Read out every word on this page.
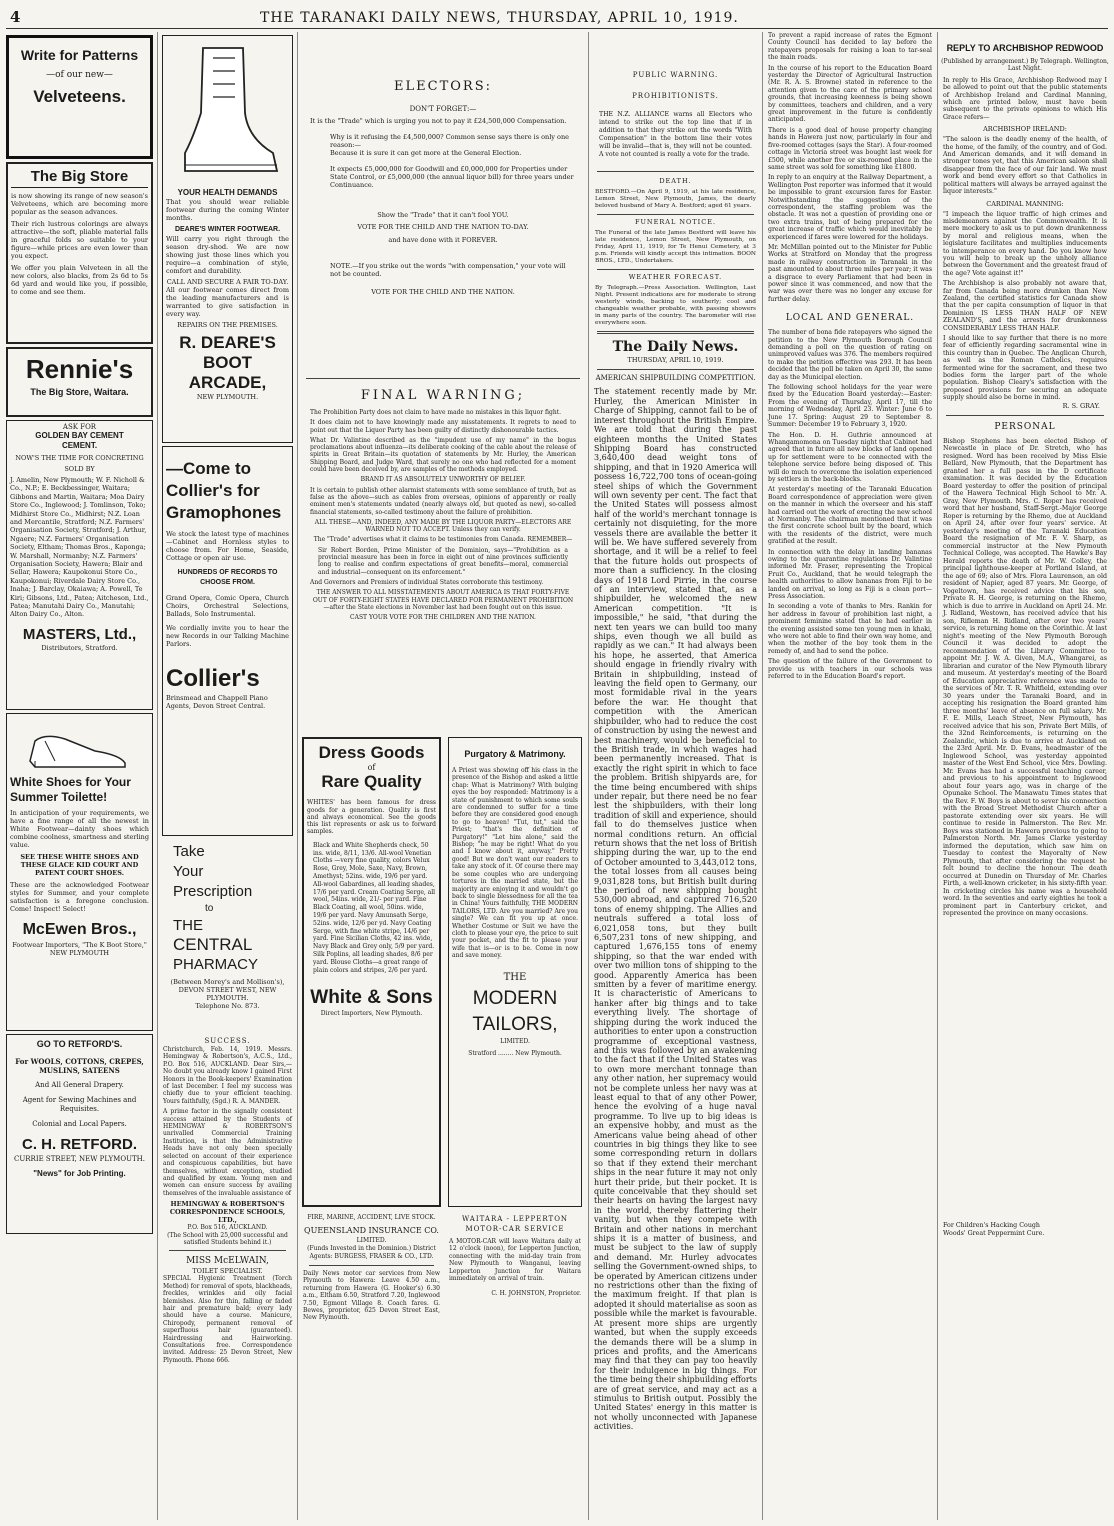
4	THE TARANAKI DAILY NEWS, THURSDAY, APRIL 10, 1919.
Write for Patterns
—of our new—
Velveteens.
The Big Store
is now showing its range of new season's Velveteens, which are becoming more popular as the season advances.
Their rich lustrous colorings are always attractive—the soft, pliable material falls in graceful folds so suitable to your figure—while prices are even lower than you expect.
We offer you plain Velveteen in all the new colors, also blacks, from 2s 6d to 5s 6d yard and would like you, if possible, to come and see them.
Rennie's
The Big Store, Waitara.
ASK FOR
GOLDEN BAY CEMENT
CEMENT.
NOW'S THE TIME FOR CONCRETING
SOLD BY
J. Amelin, New Plymouth; W. F. Nicholl & Co., N.P.; E. Beckbessinger, Waitara; Gibbons and Martin, Waitara; Moa Dairy Store Co., Inglewood; J. Tomlinson, Toko; Midhirst Store Co., Midhirst; N.Z. Loan and Mercantile, Stratford; N.Z. Farmers' Organisation Society, Stratford; J. Arthur, Ngaere; N.Z. Farmers' Organisation Society, Eltham; Thomas Bros., Kaponga; W. Marshall, Normanby; N.Z. Farmers' Organisation Society, Hawera; Blair and Sellar, Hawera; Kaupokonui Store Co., Kaupokonui; Riverdale Dairy Store Co., Inaha; J. Barclay, Okaiawa; A. Powell, Te Kiri; Gibsons, Ltd., Patea; Aitcheson, Ltd., Patea; Manutahi Dairy Co., Manutahi; Alton Dairy Co., Alton.
MASTERS, Ltd.,
Distributors, Stratford.
White Shoes for Your Summer Toilette!
In anticipation of your requirements, we have a fine range of all the newest in White Footwear—dainty shoes which combine coolness, smartness and sterling value.
SEE THESE WHITE SHOES AND THESE GLACE KID COURT AND PATENT COURT SHOES.
These are the acknowledged Footwear styles for Summer, and your complete satisfaction is a foregone conclusion. Come! Inspect! Select!
McEwen Bros.,
Footwear Importers, "The K Boot Store," NEW PLYMOUTH
GO TO RETFORD'S.
For WOOLS, COTTONS, CREPES, MUSLINS, SATEENS
And All General Drapery.
Agent for Sewing Machines and Requisites.
Colonial and Local Papers.
C. H. RETFORD.
CURRIE STREET, NEW PLYMOUTH.
"News" for Job Printing.
YOUR HEALTH DEMANDS
That you should wear reliable footwear during the coming Winter months.
DEARE'S WINTER FOOTWEAR.
Will carry you right through the season dry-shod. We are now showing just those lines which you require—a combination of style, comfort and durability.
CALL AND SECURE A FAIR TO-DAY.
All our footwear comes direct from the leading manufacturers and is warranted to give satisfaction in every way.
REPAIRS ON THE PREMISES.
R. DEARE'S BOOT ARCADE,
NEW PLYMOUTH.
—Come to
Collier's for
Gramophones
We stock the latest type of machines—Cabinet and Hornless styles to choose from. For Home, Seaside, Cottage or open air use.
HUNDREDS OF RECORDS TO CHOOSE FROM.
Grand Opera, Comic Opera, Church Choirs, Orchestral Selections, Ballads, Solo Instrumental.
We cordially invite you to hear the new Records in our Talking Machine Parlors.
Collier's
Brinsmead and Chappell Piano Agents, Devon Street Central.
Take
Your
Prescription
to
THE
CENTRAL
PHARMACY
(Between Morey's and Mollison's), DEVON STREET WEST, NEW PLYMOUTH.
Telephone No. 873.
SUCCESS.
Christchurch, Feb. 14, 1919. Messrs. Hemingway & Robertson's, A.C.S., Ltd., P.O. Box 516, AUCKLAND. Dear Sirs,— No doubt you already know I gained First Honors in the Book-keepers' Examination of last December. I feel my success was chiefly due to your efficient teaching. Yours faithfully, (Sgd.) R. A. MANDER.
A prime factor in the signally consistent success attained by the Students of HEMINGWAY & ROBERTSON'S unrivalled Commercial Training Institution, is that the Administrative Heads have not only been specially selected on account of their experience and conspicuous capabilities, but have themselves, without exception, studied and qualified by exam. Young men and women can ensure success by availing themselves of the invaluable assistance of
HEMINGWAY & ROBERTSON'S CORRESPONDENCE SCHOOLS, LTD.,
P.O. Box 516, AUCKLAND.
(The School with 25,000 successful and satisfied Students behind it.)
MISS McELWAIN,
TOILET SPECIALIST.
SPECIAL Hygienic Treatment (Torch Method) for removal of spots, blackheads, freckles, wrinkles and oily facial blemishes. Also for thin, falling or faded hair and premature bald; every lady should have a course. Manicure, Chiropody, permanent removal of superfluous hair (guaranteed). Hairdressing and Hairworking. Consultations free. Correspondence invited. Address: 25 Devon Street, New Plymouth. Phone 666.
ELECTORS:
DON'T FORGET:—
It is the "Trade" which is urging you not to pay it £24,500,000 Compensation.
Why is it refusing the £4,500,000? Common sense says there is only one reason:—
Because it is sure it can get more at the General Election.
It expects £5,000,000 for Goodwill and £0,000,000 for Properties under State Control, or £5,000,000 (the annual liquor bill) for three years under Continuance.
Show the "Trade" that it can't fool YOU.
VOTE FOR THE CHILD AND THE NATION TO-DAY.
and have done with it FOREVER.
NOTE.—If you strike out the words "with compensation," your vote will not be counted.
VOTE FOR THE CHILD AND THE NATION.
FINAL WARNING;
The Prohibition Party does not claim to have made no mistakes in this liquor fight.
It does claim not to have knowingly made any misstatements. It regrets to need to point out that the Liquor Party has been guilty of distinctly dishonourable tactics.
What Dr. Valintine described as the "impudent use of my name" in the bogus proclamations about influenza—its deliberate cooking of the cable about the release of spirits in Great Britain—its quotation of statements by Mr. Hurley, the American Shipping Board, and Judge Ward, that surely no one who had reflected for a moment could have been deceived by, are samples of the methods employed.
BRAND IT AS ABSOLUTELY UNWORTHY OF BELIEF.
It is certain to publish other alarmist statements with some semblance of truth, but as false as the above—such as cables from overseas, opinions of apparently or really eminent men's statements undated (nearly always old, but quoted as new), so-called financial statements, so-called testimony about the failure of prohibition.
ALL THESE—AND, INDEED, ANY MADE BY THE LIQUOR PARTY—ELECTORS ARE WARNED NOT TO ACCEPT. Unless they can verify.
The "Trade" advertises what it claims to be testimonies from Canada. REMEMBER—
Sir Robert Borden, Prime Minister of the Dominion, says—"Prohibition as a provincial measure has been in force in eight out of nine provinces sufficiently long to realise and confirm expectations of great benefits—moral, commercial and industrial—consequent on its enforcement."
And Governors and Premiers of individual States corroborate this testimony.
THE ANSWER TO ALL MISSTATEMENTS ABOUT AMERICA IS THAT FORTY-FIVE OUT OF FORTY-EIGHT STATES HAVE DECLARED FOR PERMANENT PROHIBITION—after the State elections in November last had been fought out on this issue.
CAST YOUR VOTE FOR THE CHILDREN AND THE NATION.
Dress Goods
of
Rare Quality
WHITES' has been famous for dress goods for a generation. Quality is first and always economical. See the goods this list represents or ask us to forward samples.
Black and White Shepherds check, 50 ins. wide, 8/11, 13/6. All-wool Venetian Cloths —very fine quality, colors Velux Rose, Grey, Mole, Saxe, Navy, Brown, Amethyst; 52ins. wide, 19/6 per yard. All-wool Gabardines, all leading shades, 17/6 per yard. Cream Coating Serge, all wool, 54ins. wide, 21/- per yard. Fine Black Coating, all wool, 50ins. wide, 19/6 per yard. Navy Amunsath Serge, 52ins. wide, 12/6 per yd. Navy Coating Serge, with fine white stripe, 14/6 per yard. Fine Sicilian Cloths, 42 ins. wide, Navy Black and Grey only, 5/9 per yard. Silk Poplins, all leading shades, 8/6 per yard. Blouse Cloths—a great range of plain colors and stripes, 2/6 per yard.
White & Sons
Direct Importers, New Plymouth.
Purgatory & Matrimony.
A Priest was showing off his class in the presence of the Bishop and asked a little chap: What is Matrimony? With bulging eyes the boy responded: Matrimony is a state of punishment to which some souls are condemned to suffer for a time before they are considered good enough to go to heaven! "Tut, tut," said the Priest; "that's the definition of Purgatory!" "Let him alone," said the Bishop; "he may be right! What do you and I know about it, anyway." Pretty good! But we don't want our readers to take any stock of it. Of course there may be some couples who are undergoing tortures in the married state, but the majority are enjoying it and wouldn't go back to single blessedness for all the tea in China! Yours faithfully, THE MODERN TAILORS, LTD. Are you married? Are you single? We can fit you up at once. Whether Costume or Suit we have the cloth to please your eye, the price to suit your pocket, and the fit to please your wife that is—or is to be. Come in now and save money.
THE
MODERN
TAILORS,
LIMITED.
Stratford ........ New Plymouth.
FIRE, MARINE, ACCIDENT, LIVE STOCK.
QUEENSLAND INSURANCE CO.
LIMITED.
(Funds Invested in the Dominion.) District Agents: BURGESS, FRASER & CO., LTD.
Daily News motor car services from New Plymouth to Hawera: Leave 4.50 a.m., returning from Hawera (G. Hooker's) 6.30 a.m., Eltham 6.50, Stratford 7.20, Inglewood 7.50, Egmont Village 8. Coach fares. G. Bewes, proprietor, 625 Devon Street East, New Plymouth.
WAITARA - LEPPERTON MOTOR-CAR SERVICE
A MOTOR-CAR will leave Waitara daily at 12 o'clock (noon), for Lepperton Junction, connecting with the mid-day train from New Plymouth to Wanganui, leaving Lepperton Junction for Waitara immediately on arrival of train.
C. H. JOHNSTON, Proprietor.
PUBLIC WARNING.
PROHIBITIONISTS.
THE N.Z. ALLIANCE warns all Electors who intend to strike out the top line that if in addition to that they strike out the words "With Compensation" in the bottom line their votes will be invalid—that is, they will not be counted. A vote not counted is really a vote for the trade.
DEATH.
BESTFORD.—On April 9, 1919, at his late residence, Lemon Street, New Plymouth, James, the dearly beloved husband of Mary A. Bestford; aged 61 years.
FUNERAL NOTICE.
The Funeral of the late James Bestford will leave his late residence, Lemon Street, New Plymouth, on Friday, April 11, 1919, for Te Henui Cemetery, at 3 p.m. Friends will kindly accept this intimation. BOON BROS., LTD., Undertakers.
WEATHER FORECAST.
By Telegraph.—Press Association. Wellington, Last Night. Present indications are for moderate to strong westerly winds, backing to southerly; cool and changeable weather probable, with passing showers in many parts of the country. The barometer will rise everywhere soon.
The Daily News.
THURSDAY, APRIL 10, 1919.
AMERICAN SHIPBUILDING COMPETITION.
The statement recently made by Mr. Hurley, the American Minister in Charge of Shipping, cannot fail to be of interest throughout the British Empire. We are told that during the past eighteen months the United States Shipping Board has constructed 3,640,400 dead weight tons of shipping, and that in 1920 America will possess 16,722,700 tons of ocean-going steel ships of which the Government will own seventy per cent. The fact that the United States will possess almost half of the world's merchant tonnage is certainly not disquieting, for the more vessels there are available the better it will be. We have suffered severely from shortage, and it will be a relief to feel that the future holds out prospects of more than a sufficiency. In the closing days of 1918 Lord Pirrie, in the course of an interview, stated that, as a shipbuilder, he welcomed the new American competition. "It is impossible," he said, "that during the next ten years we can build too many ships, even though we all build as rapidly as we can." It had always been his hope, he asserted, that America should engage in friendly rivalry with Britain in shipbuilding, instead of leaving the field open to Germany, our most formidable rival in the years before the war. He thought that competition with the American shipbuilder, who had to reduce the cost of construction by using the newest and best machinery, would be beneficial to the British trade, in which wages had been permanently increased. That is exactly the right spirit in which to face the problem. British shipyards are, for the time being encumbered with ships under repair, but there need be no fear lest the shipbuilders, with their long tradition of skill and experience, should fail to do themselves justice when normal conditions return. An official return shows that the net loss of British shipping during the war, up to the end of October amounted to 3,443,012 tons, the total losses from all causes being 9,031,828 tons, but British built during the period of new shipping bought 530,000 abroad, and captured 716,520 tons of enemy shipping. The Allies and neutrals suffered a total loss of 6,021,058 tons, but they built 6,507,231 tons of new shipping, and captured 1,676,155 tons of enemy shipping, so that the war ended with over two million tons of shipping to the good. Apparently America has been smitten by a fever of maritime energy. It is characteristic of Americans to hanker after big things and to take everything lively. The shortage of shipping during the work induced the authorities to enter upon a construction programme of exceptional vastness, and this was followed by an awakening to the fact that if the United States was to own more merchant tonnage than any other nation, her supremacy would not be complete unless her navy was at least equal to that of any other Power, hence the evolving of a huge naval programme. To live up to big ideas is an expensive hobby, and must as the Americans value being ahead of other countries in big things they like to see some corresponding return in dollars so that if they extend their merchant ships in the near future it may not only hurt their pride, but their pocket. It is quite conceivable that they should set their hearts on having the largest navy in the world, thereby flattering their vanity, but when they compete with Britain and other nations in merchant ships it is a matter of business, and must be subject to the law of supply and demand. Mr. Hurley advocates selling the Government-owned ships, to be operated by American citizens under no restrictions other than the fixing of the maximum freight. If that plan is adopted it should materialise as soon as possible while the market is favourable. At present more ships are urgently wanted, but when the supply exceeds the demands there will be a slump in prices and profits, and the Americans may find that they can pay too heavily for their indulgence in big things. For the time being their shipbuilding efforts are of great service, and may act as a stimulus to British output. Possibly the United States' energy in this matter is not wholly unconnected with Japanese activities.
To prevent a rapid increase of rates the Egmont County Council has decided to lay before the ratepayers proposals for raising a loan to tar-seal the main roads.
In the course of his report to the Education Board yesterday the Director of Agricultural Instruction (Mr. R. A. S. Browne) stated in reference to the attention given to the care of the primary school grounds, that increasing keenness is being shown by committees, teachers and children, and a very great improvement in the future is confidently anticipated.
There is a good deal of house property changing hands in Hawera just now, particularly in four and five-roomed cottages (says the Star). A four-roomed cottage in Victoria street was bought last week for £500, while another five or six-roomed place in the same street was sold for something like £1800.
In reply to an enquiry at the Railway Department, a Wellington Post reporter was informed that it would be impossible to grant excursion fares for Easter. Notwithstanding the suggestion of the correspondent, the staffing problem was the obstacle. It was not a question of providing one or two extra trains, but of being prepared for the great increase of traffic which would inevitably be experienced if fares were lowered for the holidays.
Mr. McMillan pointed out to the Minister for Public Works at Stratford on Monday that the progress made in railway construction in Taranaki in the past amounted to about three miles per year; it was a disgrace to every Parliament that had been in power since it was commenced, and now that the war was over there was no longer any excuse for further delay.
LOCAL AND GENERAL.
The number of bona fide ratepayers who signed the petition to the New Plymouth Borough Council demanding a poll on the question of rating on unimproved values was 376. The members required to make the petition effective was 293. It has been decided that the poll be taken on April 30, the same day as the Municipal election.
The following school holidays for the year were fixed by the Education Board yesterday:—Easter: From the evening of Thursday, April 17, till the morning of Wednesday, April 23. Winter: June 6 to June 17. Spring: August 29 to September 8. Summer: December 19 to February 3, 1920.
The Hon. D. H. Guthrie announced at Whangamomona on Tuesday night that Cabinet had agreed that in future all new blocks of land opened up for settlement were to be connected with the telephone service before being disposed of. This will do much to overcome the isolation experienced by settlers in the back-blocks.
At yesterday's meeting of the Taranaki Education Board correspondence of appreciation were given on the manner in which the overseer and his staff had carried out the work of erecting the new school at Normanby. The chairman mentioned that it was the first concrete school built by the board, which with the residents of the district, were much gratified at the result.
In connection with the delay in landing bananas owing to the quarantine regulations Dr. Valintine informed Mr. Fraser, representing the Tropical Fruit Co., Auckland, that he would telegraph the health authorities to allow bananas from Fiji to be landed on arrival, so long as Fiji is a clean port—Press Association.
In seconding a vote of thanks to Mrs. Rankin for her address in favour of prohibition last night, a prominent feminine stated that he had earlier in the evening assisted some ten young men in khaki, who were not able to find their own way home, and when the mother of the boy took them in the remedy of, and had to send the police.
The question of the failure of the Government to provide us with teachers in our schools was referred to in the Education Board's report.
REPLY TO ARCHBISHOP REDWOOD
(Published by arrangement.) By Telegraph. Wellington, Last Night.
In reply to His Grace, Archbishop Redwood may I be allowed to point out that the public statements of Archbishop Ireland and Cardinal Manning, which are printed below, must have been subsequent to the private opinions to which His Grace refers—
ARCHBISHOP IRELAND:
"The saloon is the deadly enemy of the health, of the home, of the family, of the country, and of God. And American demands, and it will demand in stronger tones yet, that this American saloon shall disappear from the face of our fair land. We must work and bend every effort so that Catholics in political matters will always be arrayed against the liquor interests."
CARDINAL MANNING:
"I impeach the liquor traffic of high crimes and misdemeanors against the Commonwealth. It is mere mockery to ask us to put down drunkenness by moral and religious means, when the legislature facilitates and multiplies inducements to intemperance on every hand. Do you know how you will help to break up the unholy alliance between the Government and the greatest fraud of the age? Vote against it!"
The Archbishop is also probably not aware that, far from Canada being more drunken than New Zealand, the certified statistics for Canada show that the per capita consumption of liquor in that Dominion IS LESS THAN HALF OF NEW ZEALAND'S, and the arrests for drunkenness CONSIDERABLY LESS THAN HALF.
I should like to say further that there is no more fear of efficiently regarding sacramental wine in this country than in Quebec. The Anglican Church, as well as the Roman Catholics, requires fermented wine for the sacrament, and these two bodies form the larger part of the whole population. Bishop Cleary's satisfaction with the proposed provisions for securing an adequate supply should also be borne in mind.
R. S. GRAY.
PERSONAL
Bishop Stephens has been elected Bishop of Newcastle in place of Dr. Stretch, who has resigned. Word has been received by Miss Elsie Bellard, New Plymouth, that the Department has granted her a full pass in the D certificate examination. It was decided by the Education Board yesterday to offer the position of principal of the Hawera Technical High School to Mr. A. Gray, New Plymouth. Mrs. C. Roper has received word that her husband, Staff-Sergt.-Major George Roper is returning by the Rhemo, due at Auckland on April 24, after over four years' service. At yesterday's meeting of the Taranaki Education Board the resignation of Mr. F. V. Sharp, as commercial instructor at the New Plymouth Technical College, was accepted. The Hawke's Bay Herald reports the death of Mr. W. Colley, the principal lighthouse-keeper at Portland Island, at the age of 69; also of Mrs. Flora Laurenson, an old resident of Napier, aged 87 years. Mr. George, of Vogeltown, has received advice that his son, Private R. H. George, is returning on the Rhemo, which is due to arrive in Auckland on April 24. Mr. J. Ridland, Westown, has received advice that his son, Rifleman H. Ridland, after over two years' service, is returning home on the Corinthic. At last night's meeting of the New Plymouth Borough Council it was decided to adopt the recommendation of the Library Committee to appoint Mr. J. W. A. Given, M.A., Whangarei, as librarian and curator of the New Plymouth library and museum. At yesterday's meeting of the Board of Education appreciative reference was made to the services of Mr. T. R. Whitfield, extending over 30 years under the Taranaki Board, and in accepting his resignation the Board granted him three months' leave of absence on full salary. Mr. F. E. Mills, Leach Street, New Plymouth, has received advice that his son, Private Bert Mills, of the 32nd Reinforcements, is returning on the Zealandic, which is due to arrive at Auckland on the 23rd April. Mr. D. Evans, headmaster of the Inglewood School, was yesterday appointed master of the West End School, vice Mrs. Dowling. Mr. Evans has had a successful teaching career, and previous to his appointment to Inglewood about four years ago, was in charge of the Opunake School. The Manawatu Times states that the Rev. F. W. Boys is about to sever his connection with the Broad Street Methodist Church after a pastorate extending over six years. He will continue to reside in Palmerston. The Rev. Mr. Boys was stationed in Hawera previous to going to Palmerston North. Mr. James Clarke yesterday informed the deputation, which saw him on Tuesday to contest the Mayoralty of New Plymouth, that after considering the request he felt bound to decline the honour. The death occurred at Dunedin on Thursday of Mr. Charles Firth, a well-known cricketer, in his sixty-fifth year. In cricketing circles his name was a household word. In the seventies and early eighties he took a prominent part in Canterbury cricket, and represented the province on many occasions.
For Children's Hacking Cough
Woods' Great Peppermint Cure.
